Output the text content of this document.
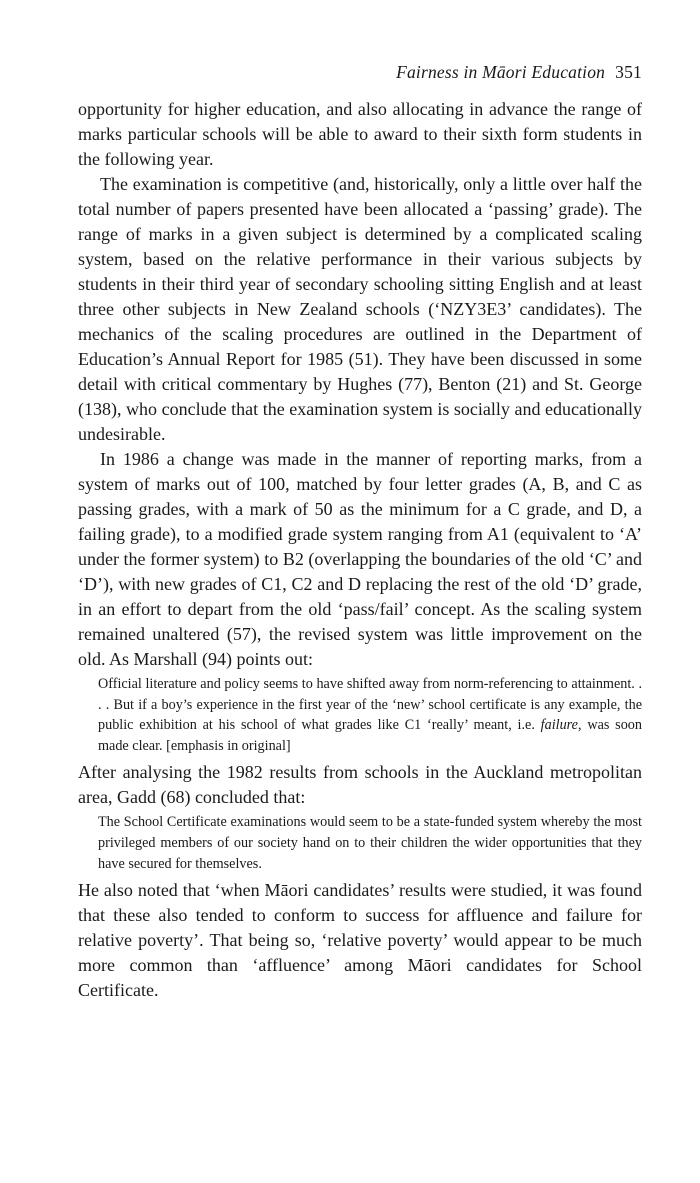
Fairness in Māori Education 351

opportunity for higher education, and also allocating in advance the range of marks particular schools will be able to award to their sixth form students in the following year.

The examination is competitive (and, historically, only a little over half the total number of papers presented have been allocated a ‘passing’ grade). The range of marks in a given subject is determined by a complicated scaling system, based on the relative performance in their various subjects by students in their third year of secondary schooling sitting English and at least three other subjects in New Zealand schools (‘NZY3E3’ candidates). The mechanics of the scaling procedures are outlined in the Department of Education’s Annual Report for 1985 (51). They have been discussed in some detail with critical commentary by Hughes (77), Benton (21) and St. George (138), who conclude that the examination system is socially and educationally undesirable.

In 1986 a change was made in the manner of reporting marks, from a system of marks out of 100, matched by four letter grades (A, B, and C as passing grades, with a mark of 50 as the minimum for a C grade, and D, a failing grade), to a modified grade system ranging from A1 (equivalent to ‘A’ under the former system) to B2 (overlapping the boundaries of the old ‘C’ and ‘D’), with new grades of C1, C2 and D replacing the rest of the old ‘D’ grade, in an effort to depart from the old ‘pass/fail’ concept. As the scaling system remained unaltered (57), the revised system was little improvement on the old. As Marshall (94) points out:

Official literature and policy seems to have shifted away from norm-referencing to attainment. . . . But if a boy’s experience in the first year of the ‘new’ school certificate is any example, the public exhibition at his school of what grades like C1 ‘really’ meant, i.e. failure, was soon made clear. [emphasis in original]

After analysing the 1982 results from schools in the Auckland metropolitan area, Gadd (68) concluded that:

The School Certificate examinations would seem to be a state-funded system whereby the most privileged members of our society hand on to their children the wider opportunities that they have secured for themselves.

He also noted that ‘when Māori candidates’ results were studied, it was found that these also tended to conform to success for affluence and failure for relative poverty’. That being so, ‘relative poverty’ would appear to be much more common than ‘affluence’ among Māori candidates for School Certificate.
